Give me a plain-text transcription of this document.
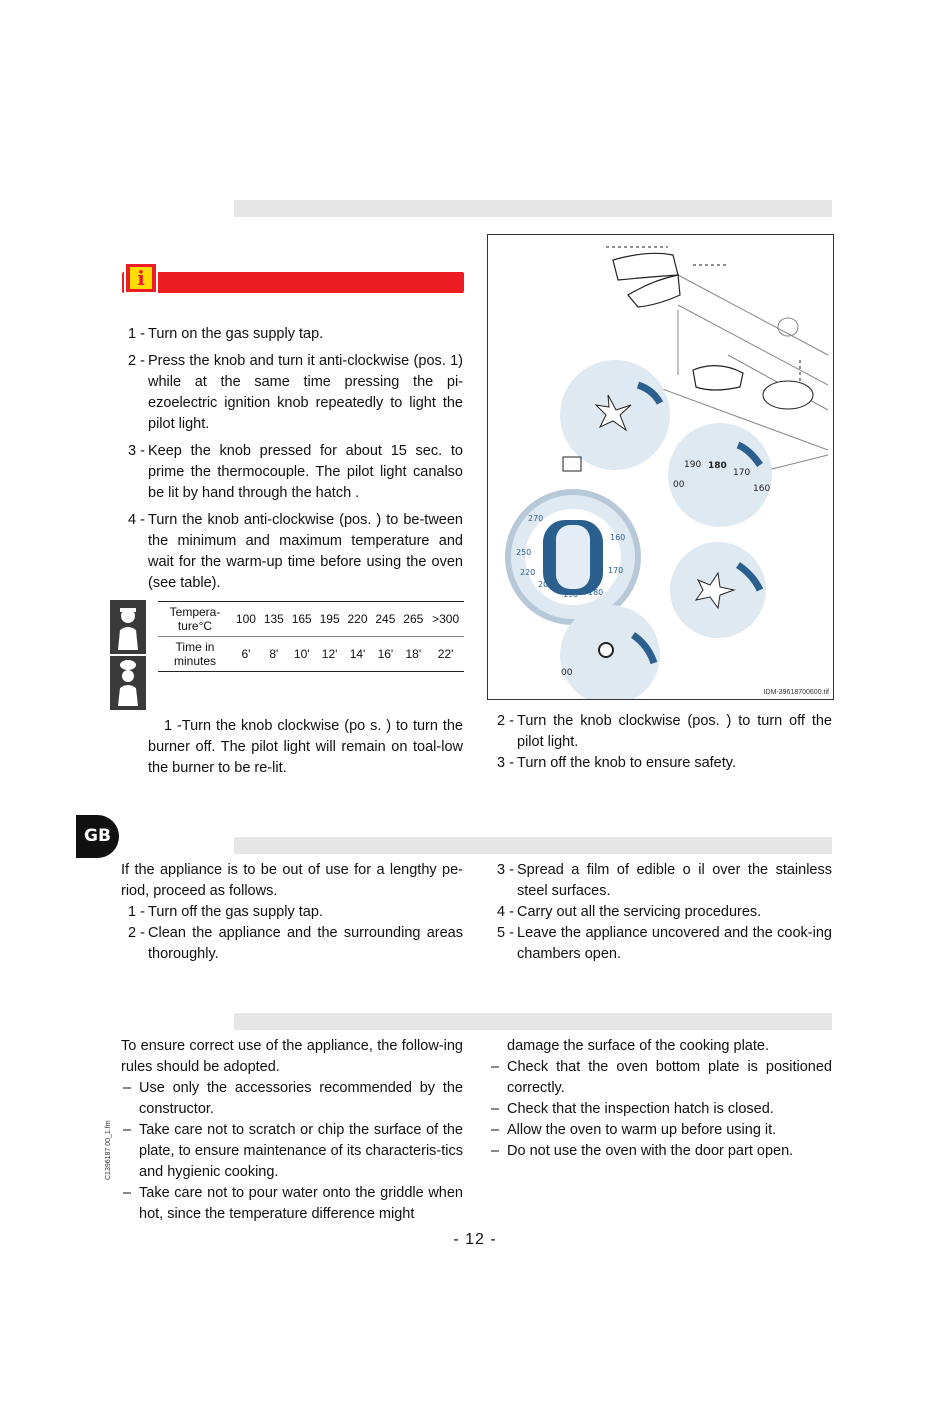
i
1 - Turn on the gas supply tap.
2 - Press the knob and turn it anti-clockwise (pos. 1) while at the same time pressing the pi-ezoelectric ignition knob repeatedly to light the pilot light.
3 - Keep the knob pressed for about 15 sec. to prime the thermocouple. The pilot light canalso be lit by hand through the hatch .
4 - Turn the knob anti-clockwise (pos. ) to be-tween the minimum and maximum temperature and wait for the warm-up time before using the oven (see table).
Tempera-ture°C	100	135	165	195	220	245	265	>300
Time in minutes	6'	8'	10'	12'	14'	16'	18'	22'
1 -Turn the knob clockwise (po s. ) to turn the burner off. The pilot light will remain on toal-low the burner to be re-lit.
2 - Turn the knob clockwise (pos. ) to turn off the pilot light.
3 - Turn off the knob to ensure safety.
00
190 180
170
160
250
270
160
170
180
190
200
220
00
IDM-39618700600.tif
GB
If the appliance is to be out of use for a lengthy pe-riod, proceed as follows.
1 - Turn off the gas supply tap.
2 - Clean the appliance and the surrounding areas thoroughly.
3 - Spread a film of edible o il over the stainless steel surfaces.
4 - Carry out all the servicing procedures.
5 - Leave the appliance uncovered and the cook-ing chambers open.
To ensure correct use of the appliance, the follow-ing rules should be adopted.
– Use only the accessories recommended by the constructor.
– Take care not to scratch or chip the surface of the plate, to ensure maintenance of its characteris-tics and hygienic cooking.
– Take care not to pour water onto the griddle when hot, since the temperature difference might
damage the surface of the cooking plate.
– Check that the oven bottom plate is positioned correctly.
– Check that the inspection hatch is closed.
– Allow the oven to warm up before using it.
– Do not use the oven with the door part open.
C1396187 00_1.fm
- 12 -
